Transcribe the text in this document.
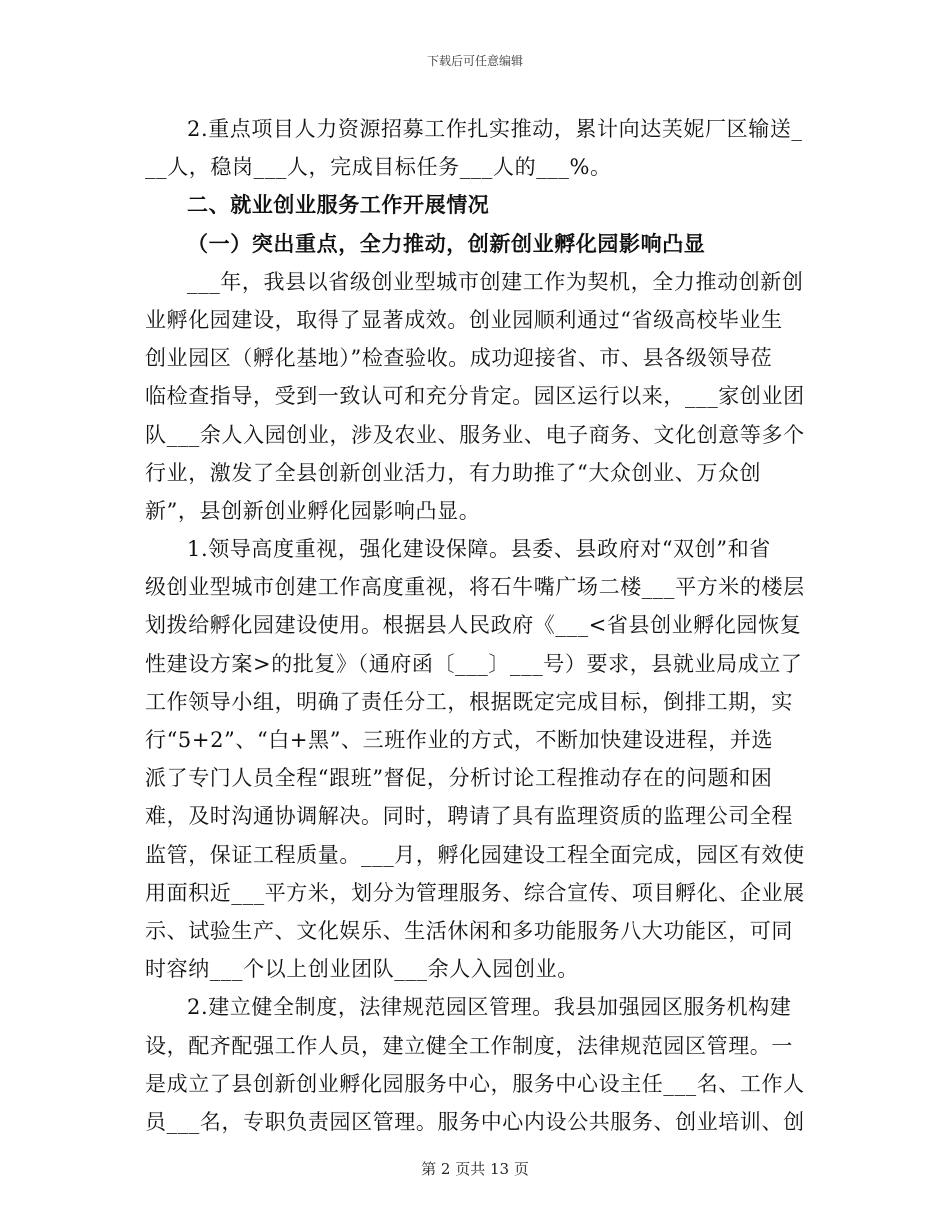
下载后可任意编辑
2.重点项目人力资源招募工作扎实推动，累计向达芙妮厂区输送_
__人，稳岗___人，完成目标任务___人的___%。
二、就业创业服务工作开展情况
（一）突出重点，全力推动，创新创业孵化园影响凸显
___年，我县以省级创业型城市创建工作为契机，全力推动创新创
业孵化园建设，取得了显著成效。创业园顺利通过“省级高校毕业生
创业园区（孵化基地）”检查验收。成功迎接省、市、县各级领导莅
临检查指导，受到一致认可和充分肯定。园区运行以来，___家创业团
队___余人入园创业，涉及农业、服务业、电子商务、文化创意等多个
行业，激发了全县创新创业活力，有力助推了“大众创业、万众创
新”，县创新创业孵化园影响凸显。
1.领导高度重视，强化建设保障。县委、县政府对“双创”和省
级创业型城市创建工作高度重视，将石牛嘴广场二楼___平方米的楼层
划拨给孵化园建设使用。根据县人民政府《___<省县创业孵化园恢复
性建设方案>的批复》（通府函〔___〕___号）要求，县就业局成立了
工作领导小组，明确了责任分工，根据既定完成目标，倒排工期，实
行“5+2”、“白+黑”、三班作业的方式，不断加快建设进程，并选
派了专门人员全程“跟班”督促，分析讨论工程推动存在的问题和困
难，及时沟通协调解决。同时，聘请了具有监理资质的监理公司全程
监管，保证工程质量。___月，孵化园建设工程全面完成，园区有效使
用面积近___平方米，划分为管理服务、综合宣传、项目孵化、企业展
示、试验生产、文化娱乐、生活休闲和多功能服务八大功能区，可同
时容纳___个以上创业团队___余人入园创业。
2.建立健全制度，法律规范园区管理。我县加强园区服务机构建
设，配齐配强工作人员，建立健全工作制度，法律规范园区管理。一
是成立了县创新创业孵化园服务中心，服务中心设主任___名、工作人
员___名，专职负责园区管理。服务中心内设公共服务、创业培训、创
第 2 页共 13 页
